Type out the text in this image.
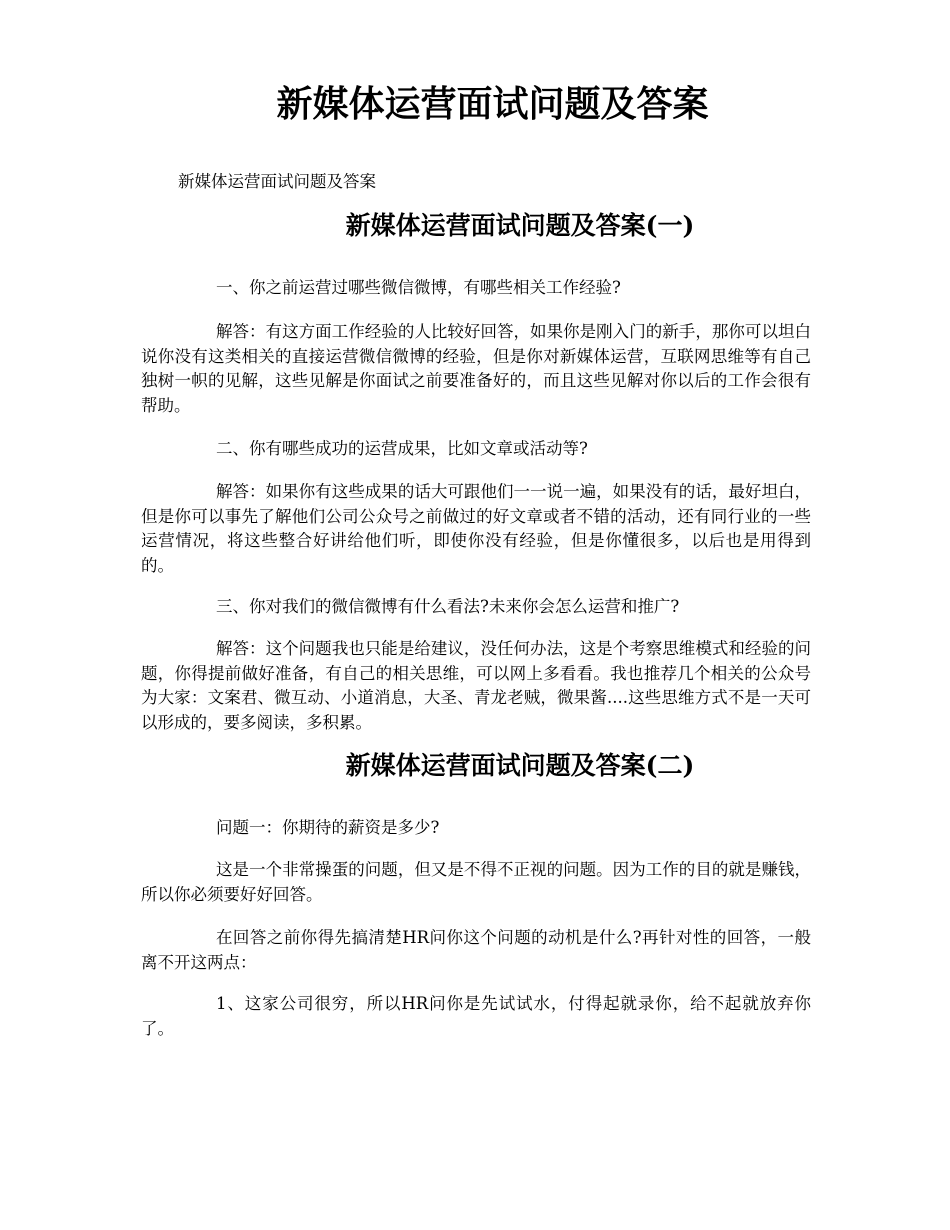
新媒体运营面试问题及答案

新媒体运营面试问题及答案

新媒体运营面试问题及答案(一)

一、你之前运营过哪些微信微博，有哪些相关工作经验?

解答：有这方面工作经验的人比较好回答，如果你是刚入门的新手，那你可以坦白说你没有这类相关的直接运营微信微博的经验，但是你对新媒体运营，互联网思维等有自己独树一帜的见解，这些见解是你面试之前要准备好的，而且这些见解对你以后的工作会很有帮助。

二、你有哪些成功的运营成果，比如文章或活动等?

解答：如果你有这些成果的话大可跟他们一一说一遍，如果没有的话，最好坦白，但是你可以事先了解他们公司公众号之前做过的好文章或者不错的活动，还有同行业的一些运营情况，将这些整合好讲给他们听，即使你没有经验，但是你懂很多，以后也是用得到的。

三、你对我们的微信微博有什么看法?未来你会怎么运营和推广?

解答：这个问题我也只能是给建议，没任何办法，这是个考察思维模式和经验的问题，你得提前做好准备，有自己的相关思维，可以网上多看看。我也推荐几个相关的公众号为大家：文案君、微互动、小道消息，大圣、青龙老贼，微果酱....这些思维方式不是一天可以形成的，要多阅读，多积累。

新媒体运营面试问题及答案(二)

问题一：你期待的薪资是多少?

这是一个非常操蛋的问题，但又是不得不正视的问题。因为工作的目的就是赚钱，所以你必须要好好回答。

在回答之前你得先搞清楚HR问你这个问题的动机是什么?再针对性的回答，一般离不开这两点：

1、这家公司很穷，所以HR问你是先试试水，付得起就录你，给不起就放弃你了。
